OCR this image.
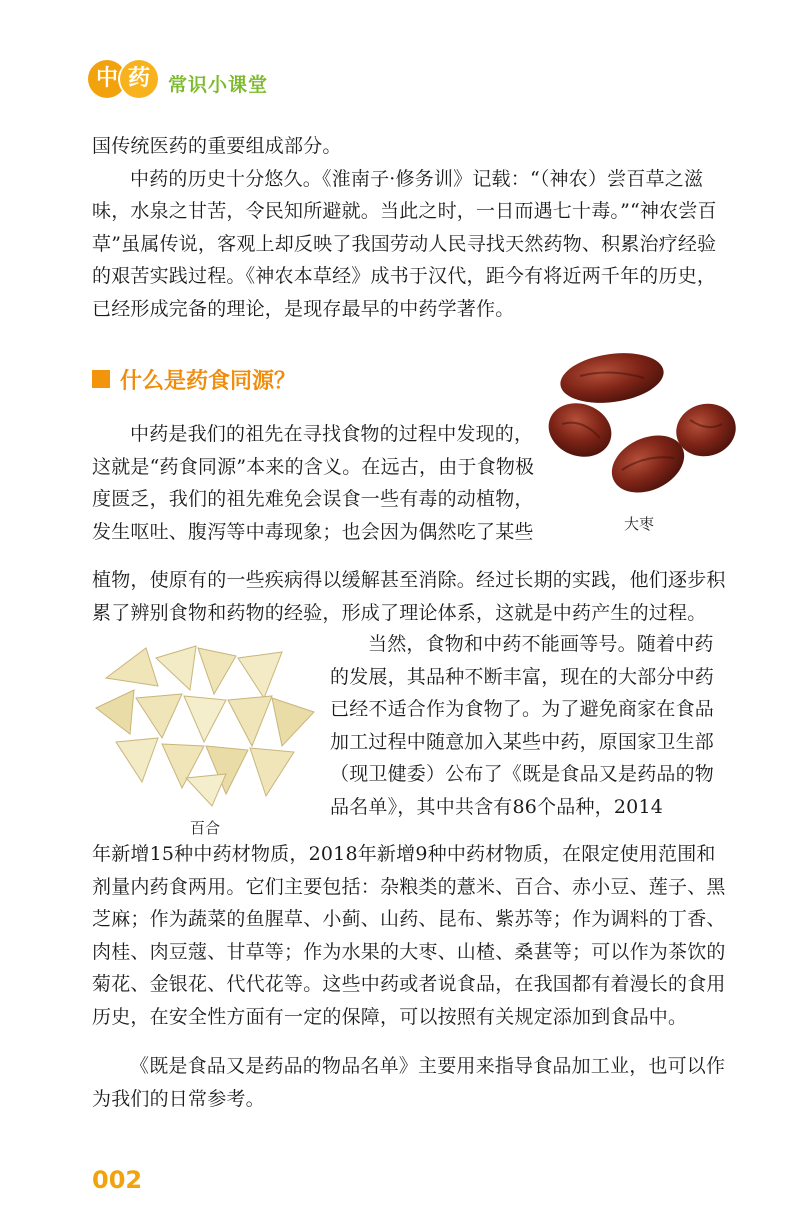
中 药 常识小课堂

国传统医药的重要组成部分。

中药的历史十分悠久。《淮南子·修务训》记载：“（神农）尝百草之滋味，水泉之甘苦，令民知所避就。当此之时，一日而遇七十毒。”“神农尝百草”虽属传说，客观上却反映了我国劳动人民寻找天然药物、积累治疗经验的艰苦实践过程。《神农本草经》成书于汉代，距今有将近两千年的历史，已经形成完备的理论，是现存最早的中药学著作。

什么是药食同源？

中药是我们的祖先在寻找食物的过程中发现的，这就是“药食同源”本来的含义。在远古，由于食物极度匮乏，我们的祖先难免会误食一些有毒的动植物，发生呕吐、腹泻等中毒现象；也会因为偶然吃了某些

植物，使原有的一些疾病得以缓解甚至消除。经过长期的实践，他们逐步积累了辨别食物和药物的经验，形成了理论体系，这就是中药产生的过程。

大枣
百合

当然，食物和中药不能画等号。随着中药的发展，其品种不断丰富，现在的大部分中药已经不适合作为食物了。为了避免商家在食品加工过程中随意加入某些中药，原国家卫生部（现卫健委）公布了《既是食品又是药品的物品名单》，其中共含有86个品种，2014

年新增15种中药材物质，2018年新增9种中药材物质，在限定使用范围和剂量内药食两用。它们主要包括：杂粮类的薏米、百合、赤小豆、莲子、黑芝麻；作为蔬菜的鱼腥草、小蓟、山药、昆布、紫苏等；作为调料的丁香、肉桂、肉豆蔻、甘草等；作为水果的大枣、山楂、桑葚等；可以作为茶饮的菊花、金银花、代代花等。这些中药或者说食品，在我国都有着漫长的食用历史，在安全性方面有一定的保障，可以按照有关规定添加到食品中。

《既是食品又是药品的物品名单》主要用来指导食品加工业，也可以作为我们的日常参考。

002
